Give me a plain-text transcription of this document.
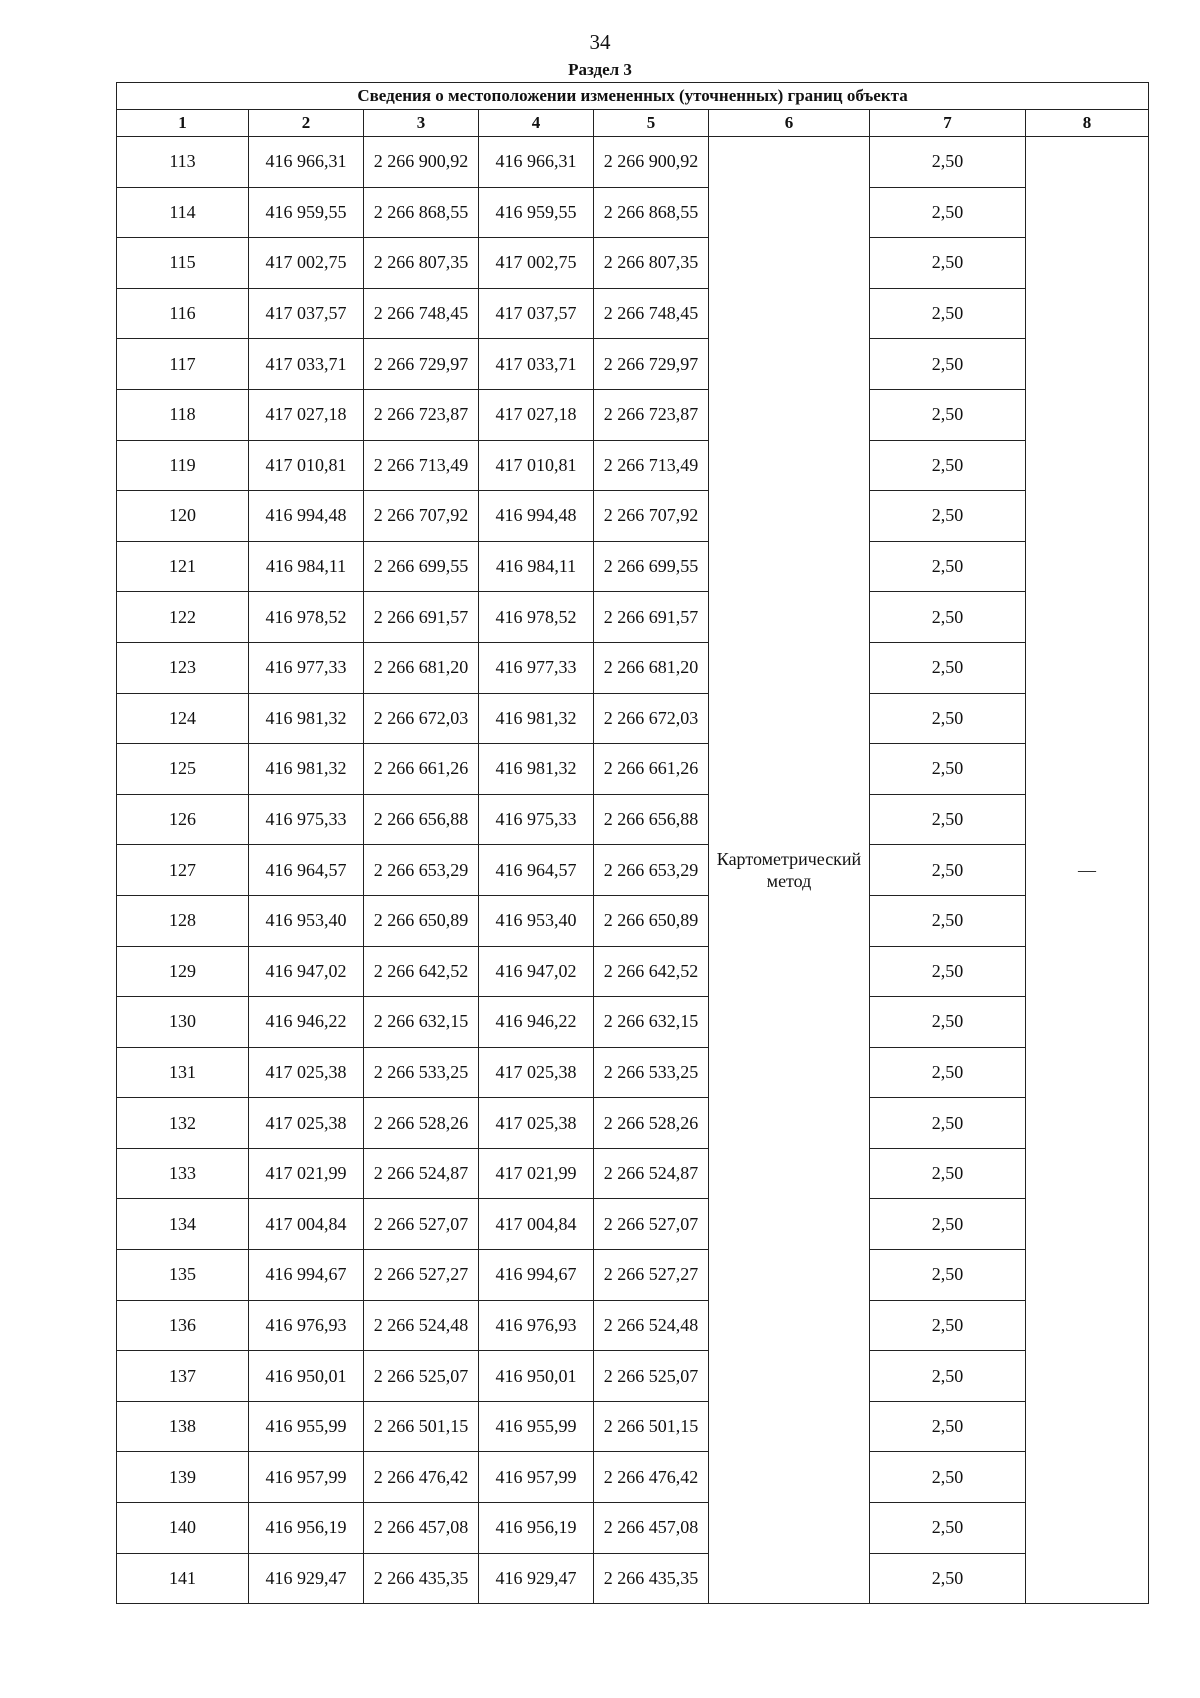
34
Раздел 3
Сведения о местоположении измененных (уточненных) границ объекта							
1	2	3	4	5	6	7	8
113	416 966,31	2 266 900,92	416 966,31	2 266 900,92	Картометрический метод	2,50	—
114	416 959,55	2 266 868,55	416 959,55	2 266 868,55		2,50	
115	417 002,75	2 266 807,35	417 002,75	2 266 807,35		2,50	
116	417 037,57	2 266 748,45	417 037,57	2 266 748,45		2,50	
117	417 033,71	2 266 729,97	417 033,71	2 266 729,97		2,50	
118	417 027,18	2 266 723,87	417 027,18	2 266 723,87		2,50	
119	417 010,81	2 266 713,49	417 010,81	2 266 713,49		2,50	
120	416 994,48	2 266 707,92	416 994,48	2 266 707,92		2,50	
121	416 984,11	2 266 699,55	416 984,11	2 266 699,55		2,50	
122	416 978,52	2 266 691,57	416 978,52	2 266 691,57		2,50	
123	416 977,33	2 266 681,20	416 977,33	2 266 681,20		2,50	
124	416 981,32	2 266 672,03	416 981,32	2 266 672,03		2,50	
125	416 981,32	2 266 661,26	416 981,32	2 266 661,26		2,50	
126	416 975,33	2 266 656,88	416 975,33	2 266 656,88		2,50	
127	416 964,57	2 266 653,29	416 964,57	2 266 653,29		2,50	
128	416 953,40	2 266 650,89	416 953,40	2 266 650,89		2,50	
129	416 947,02	2 266 642,52	416 947,02	2 266 642,52		2,50	
130	416 946,22	2 266 632,15	416 946,22	2 266 632,15		2,50	
131	417 025,38	2 266 533,25	417 025,38	2 266 533,25		2,50	
132	417 025,38	2 266 528,26	417 025,38	2 266 528,26		2,50	
133	417 021,99	2 266 524,87	417 021,99	2 266 524,87		2,50	
134	417 004,84	2 266 527,07	417 004,84	2 266 527,07		2,50	
135	416 994,67	2 266 527,27	416 994,67	2 266 527,27		2,50	
136	416 976,93	2 266 524,48	416 976,93	2 266 524,48		2,50	
137	416 950,01	2 266 525,07	416 950,01	2 266 525,07		2,50	
138	416 955,99	2 266 501,15	416 955,99	2 266 501,15		2,50	
139	416 957,99	2 266 476,42	416 957,99	2 266 476,42		2,50	
140	416 956,19	2 266 457,08	416 956,19	2 266 457,08		2,50	
141	416 929,47	2 266 435,35	416 929,47	2 266 435,35		2,50	
